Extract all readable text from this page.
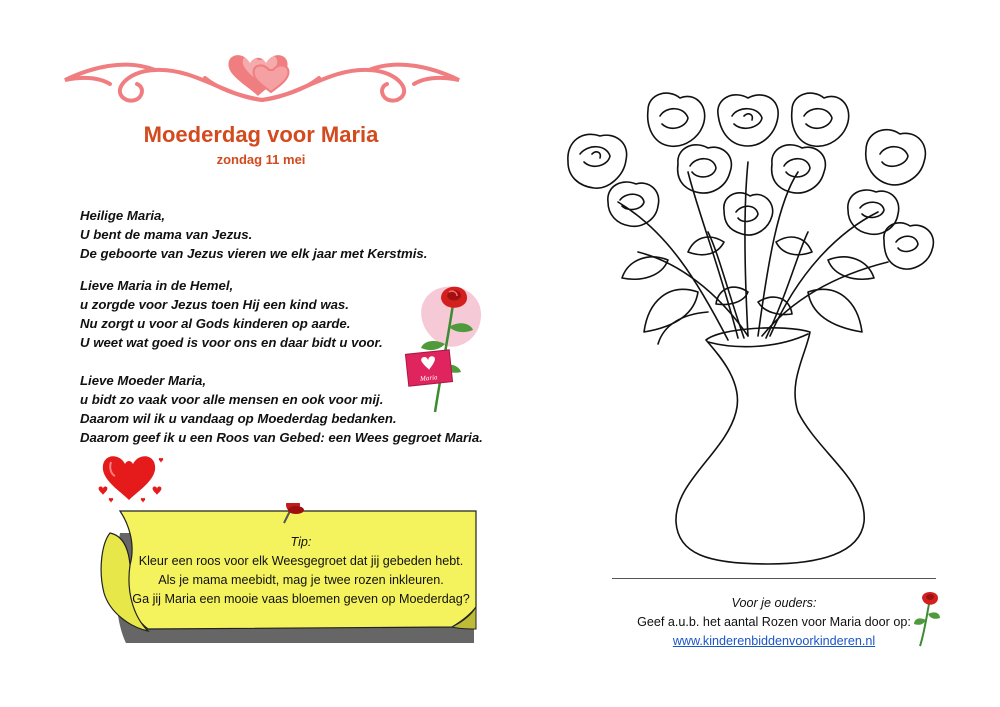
Moederdag voor Maria
zondag 11 mei
Heilige Maria,
U bent de mama van Jezus.
De geboorte van Jezus vieren we elk jaar met Kerstmis.
Lieve Maria in de Hemel,
u zorgde voor Jezus toen Hij een kind was.
Nu zorgt u voor al Gods kinderen op aarde.
U weet wat goed is voor ons en daar bidt u voor.
Lieve Moeder Maria,
u bidt zo vaak voor alle mensen en ook voor mij.
Daarom wil ik u vandaag op Moederdag bedanken.
Daarom geef ik u een Roos van Gebed: een Wees gegroet Maria.
Maria
Tip:
Kleur een roos voor elk Weesgegroet dat jij gebeden hebt.
Als je mama meebidt, mag je twee rozen inkleuren.
Ga jij Maria een mooie vaas bloemen geven op Moederdag?	Voor je ouders:
Geef a.u.b. het aantal Rozen voor Maria door op:
www.kinderenbiddenvoorkinderen.nl
